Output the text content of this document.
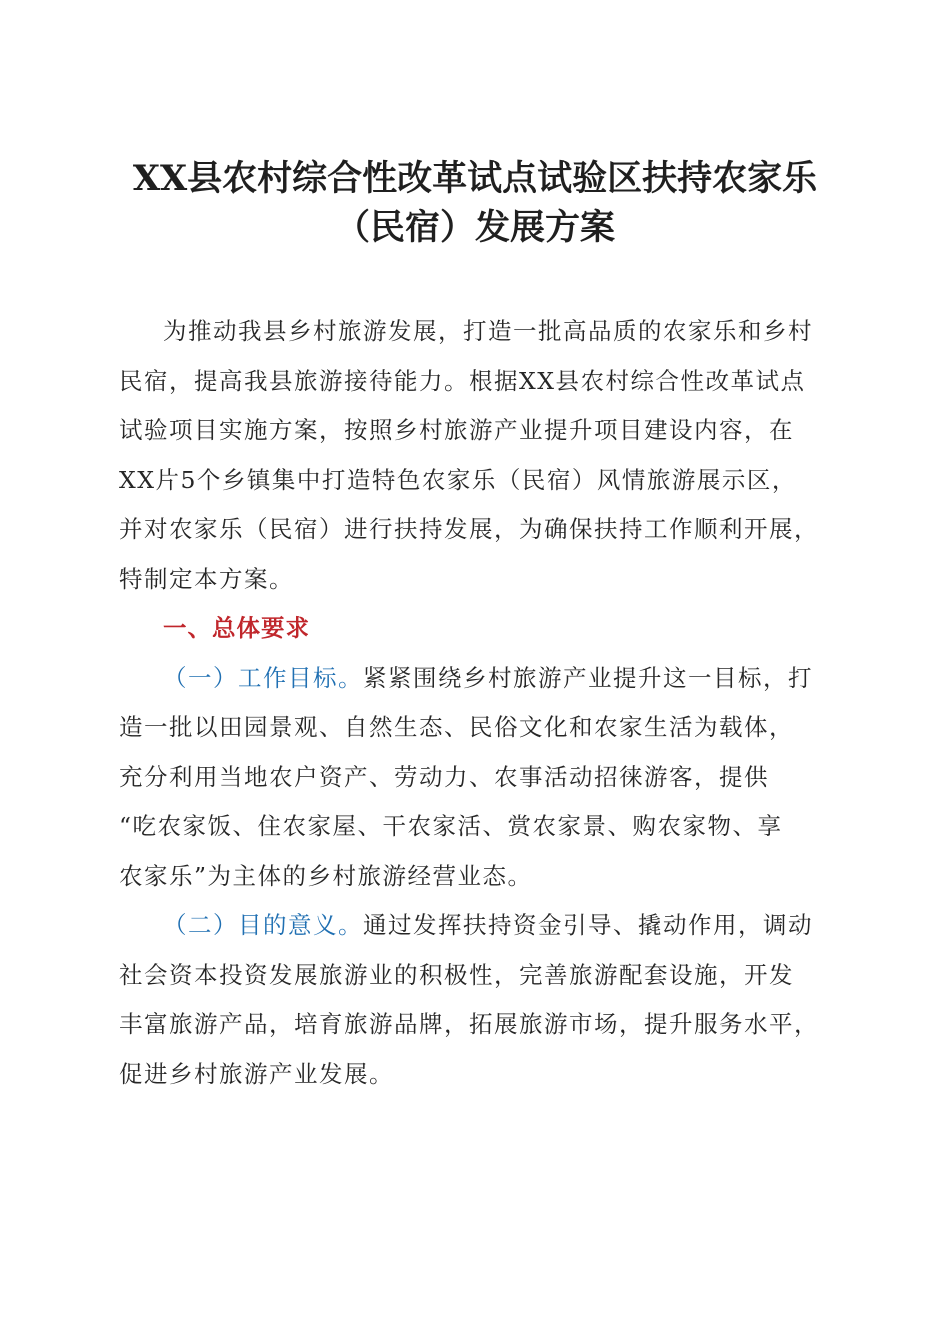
XX县农村综合性改革试点试验区扶持农家乐
（民宿）发展方案
为推动我县乡村旅游发展，打造一批高品质的农家乐和乡村
民宿，提高我县旅游接待能力。根据XX县农村综合性改革试点
试验项目实施方案，按照乡村旅游产业提升项目建设内容，在
XX片5个乡镇集中打造特色农家乐（民宿）风情旅游展示区，
并对农家乐（民宿）进行扶持发展，为确保扶持工作顺利开展，
特制定本方案。
一、总体要求
（一）工作目标。紧紧围绕乡村旅游产业提升这一目标，打
造一批以田园景观、自然生态、民俗文化和农家生活为载体，
充分利用当地农户资产、劳动力、农事活动招徕游客，提供
“吃农家饭、住农家屋、干农家活、赏农家景、购农家物、享
农家乐”为主体的乡村旅游经营业态。
（二）目的意义。通过发挥扶持资金引导、撬动作用，调动
社会资本投资发展旅游业的积极性，完善旅游配套设施，开发
丰富旅游产品，培育旅游品牌，拓展旅游市场，提升服务水平，
促进乡村旅游产业发展。
